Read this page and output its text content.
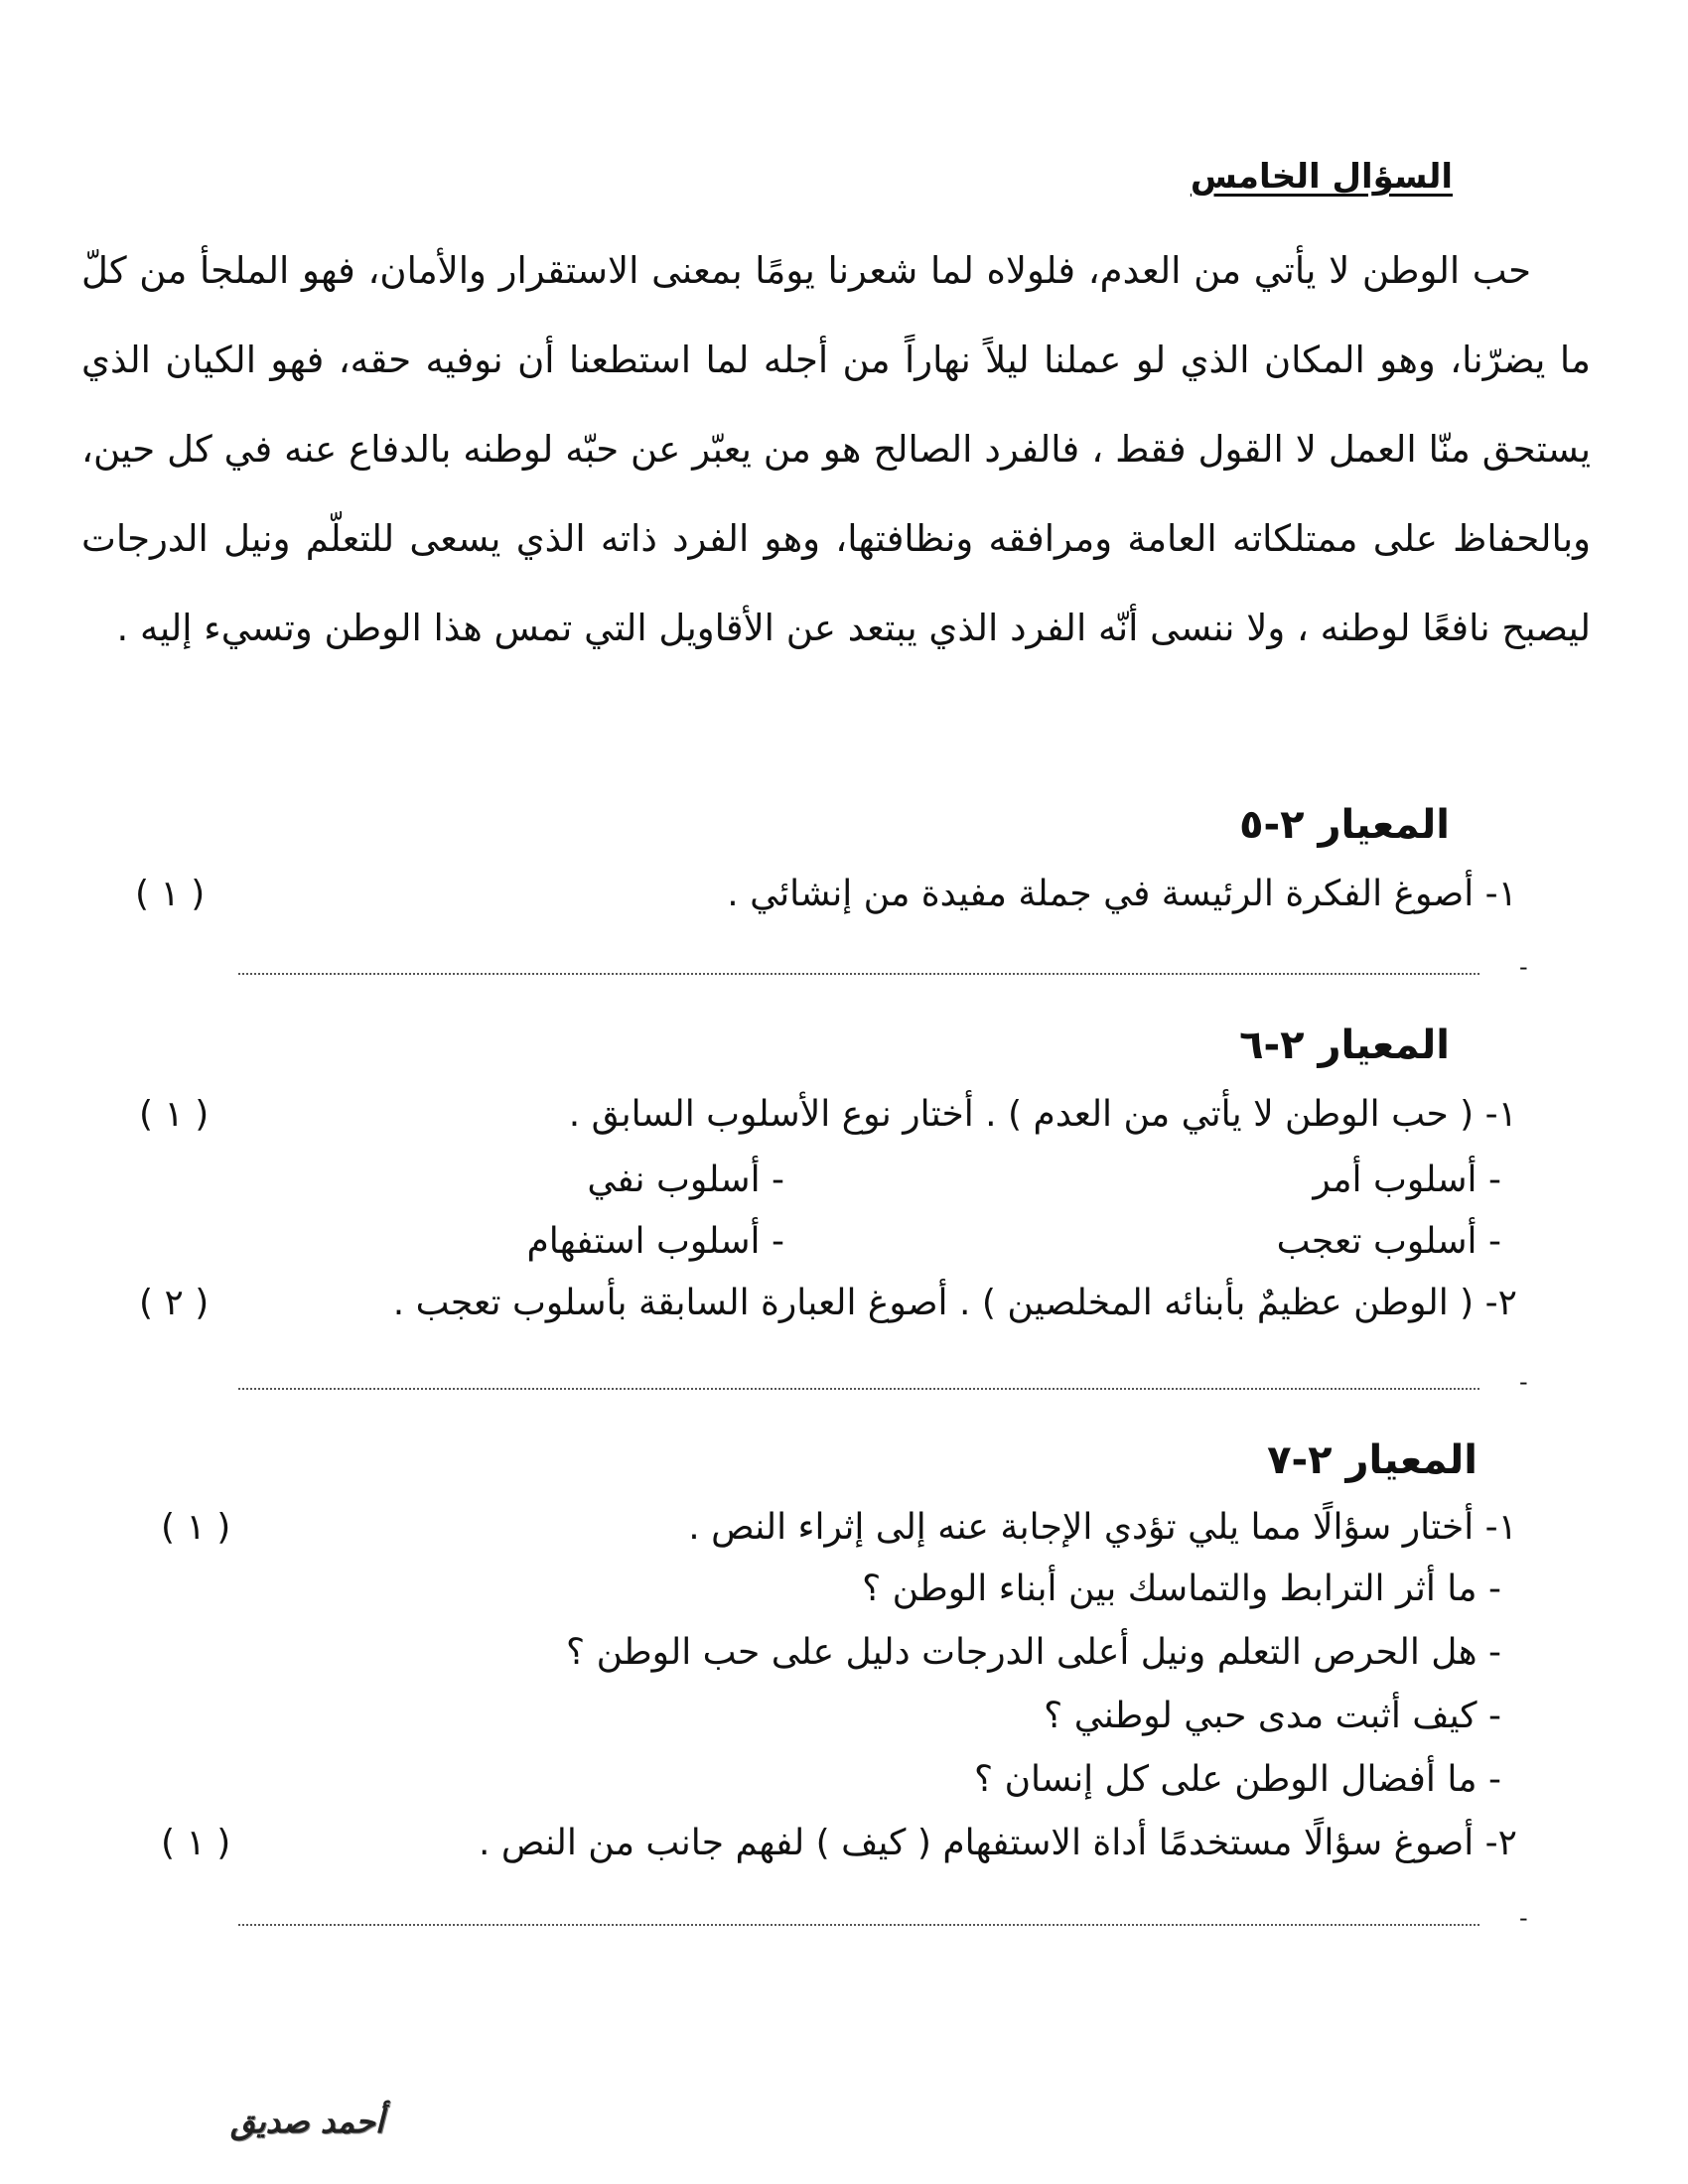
السؤال الخامس

حب الوطن لا يأتي من العدم، فلولاه لما شعرنا يومًا بمعنى الاستقرار والأمان، فهو الملجأ من كلّ ما يضرّنا، وهو المكان الذي لو عملنا ليلاً نهاراً من أجله لما استطعنا أن نوفيه حقه، فهو الكيان الذي يستحق منّا العمل لا القول فقط ، فالفرد الصالح هو من يعبّر عن حبّه لوطنه بالدفاع عنه في كل حين، وبالحفاظ على ممتلكاته العامة ومرافقه ونظافتها، وهو الفرد ذاته الذي يسعى للتعلّم ونيل الدرجات ليصبح نافعًا لوطنه ، ولا ننسى أنّه الفرد الذي يبتعد عن الأقاويل التي تمس هذا الوطن وتسيء إليه .

المعيار ٢-٥
١- أصوغ الفكرة الرئيسة في جملة مفيدة من إنشائي .
( ١ )
-
المعيار ٢-٦
١- ( حب الوطن لا يأتي من العدم ) . أختار نوع الأسلوب السابق .
( ١ )
- أسلوب أمر
- أسلوب نفي
- أسلوب تعجب
- أسلوب استفهام
٢- ( الوطن عظيمٌ بأبنائه المخلصين ) . أصوغ العبارة السابقة بأسلوب تعجب .
( ٢ )
-
المعيار ٢-٧
١- أختار سؤالًا مما يلي تؤدي الإجابة عنه إلى إثراء النص .
( ١ )
- ما أثر الترابط والتماسك بين أبناء الوطن ؟
- هل الحرص التعلم ونيل أعلى الدرجات دليل على حب الوطن ؟
- كيف أثبت مدى حبي لوطني ؟
- ما أفضال الوطن على كل إنسان ؟
٢- أصوغ سؤالًا مستخدمًا أداة الاستفهام ( كيف ) لفهم جانب من النص .
( ١ )
-
أحمد صديق
